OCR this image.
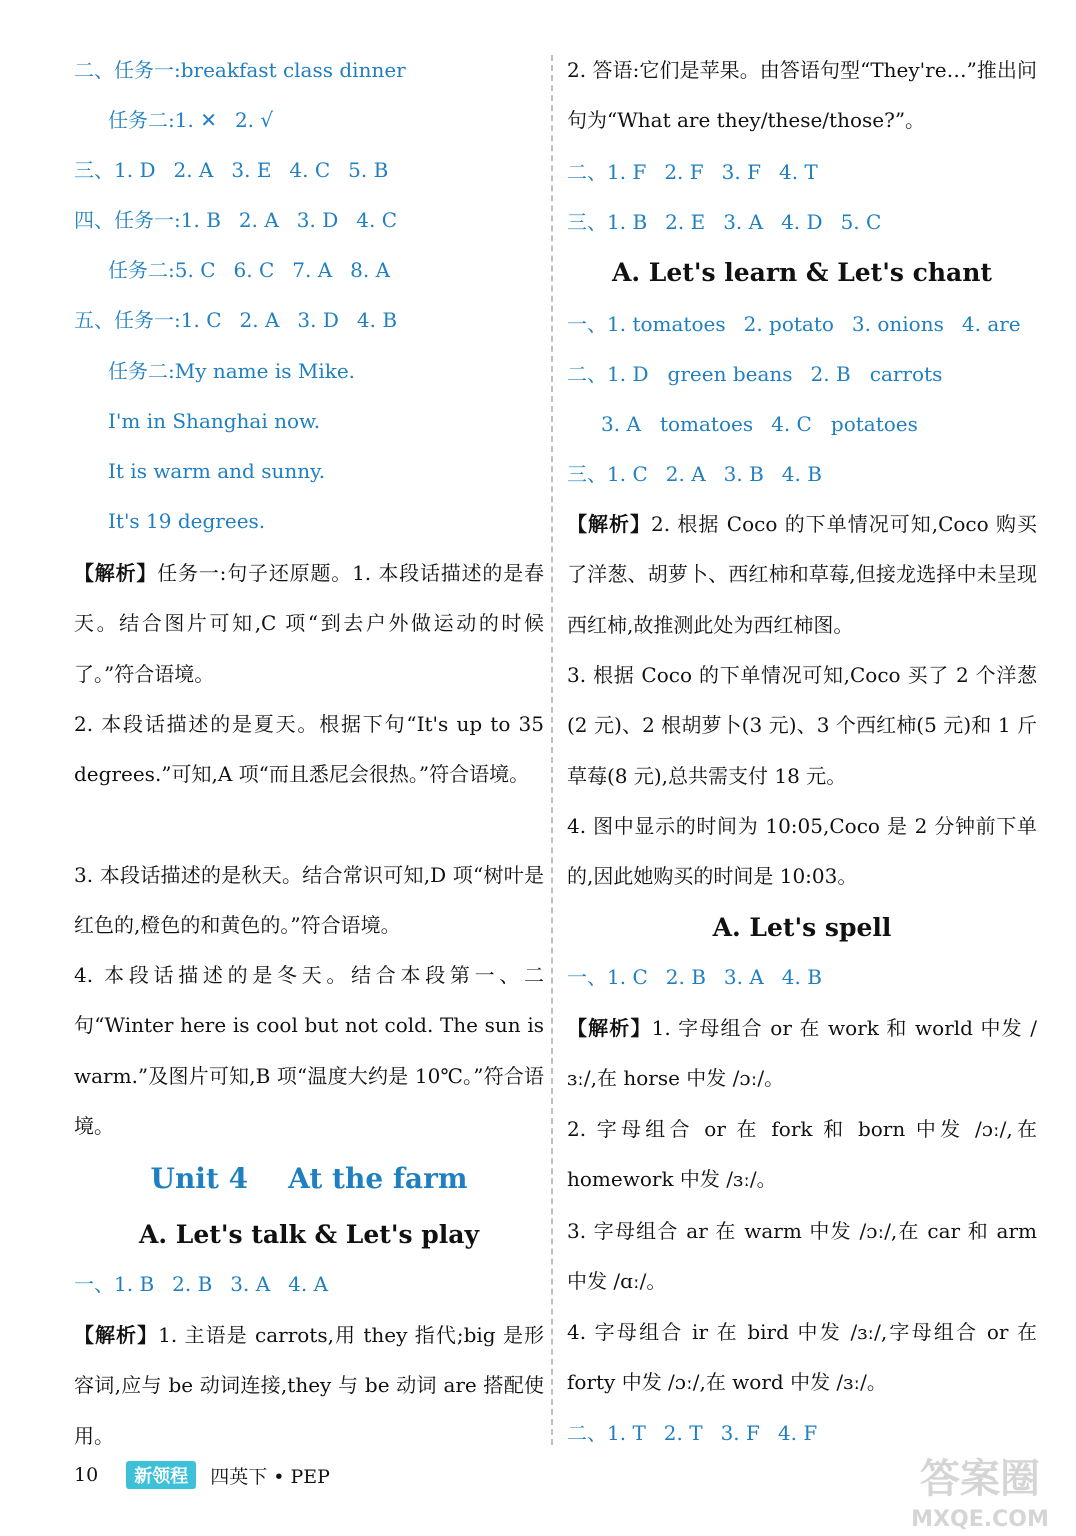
二、任务一:breakfast class dinner
任务二:1. ✕ 2. √
三、1. D 2. A 3. E 4. C 5. B
四、任务一:1. B 2. A 3. D 4. C
任务二:5. C 6. C 7. A 8. A
五、任务一:1. C 2. A 3. D 4. B
任务二:My name is Mike.
I'm in Shanghai now.
It is warm and sunny.
It's 19 degrees.
【解析】任务一:句子还原题。1. 本段话描述的是春天。结合图片可知,C 项“到去户外做运动的时候了。”符合语境。
2. 本段话描述的是夏天。根据下句“It's up to 35 degrees.”可知,A 项“而且悉尼会很热。”符合语境。
3. 本段话描述的是秋天。结合常识可知,D 项“树叶是红色的,橙色的和黄色的。”符合语境。
4. 本段话描述的是冬天。结合本段第一、二句“Winter here is cool but not cold. The sun is warm.”及图片可知,B 项“温度大约是 10℃。”符合语境。
Unit 4 At the farm
A. Let's talk & Let's play
一、1. B 2. B 3. A 4. A
【解析】1. 主语是 carrots,用 they 指代;big 是形容词,应与 be 动词连接,they 与 be 动词 are 搭配使用。
2. 答语:它们是苹果。由答语句型“They're…”推出问句为“What are they/these/those?”。
二、1. F 2. F 3. F 4. T
三、1. B 2. E 3. A 4. D 5. C
A. Let's learn & Let's chant
一、1. tomatoes 2. potato 3. onions 4. are
二、1. D   green beans 2. B   carrots
3. A   tomatoes 4. C   potatoes
三、1. C 2. A 3. B 4. B
【解析】2. 根据 Coco 的下单情况可知,Coco 购买了洋葱、胡萝卜、西红柿和草莓,但接龙选择中未呈现西红柿,故推测此处为西红柿图。
3. 根据 Coco 的下单情况可知,Coco 买了 2 个洋葱(2 元)、2 根胡萝卜(3 元)、3 个西红柿(5 元)和 1 斤草莓(8 元),总共需支付 18 元。
4. 图中显示的时间为 10:05,Coco 是 2 分钟前下单的,因此她购买的时间是 10:03。
A. Let's spell
一、1. C 2. B 3. A 4. B
【解析】1. 字母组合 or 在 work 和 world 中发 /ɜː/,在 horse 中发 /ɔː/。
2. 字母组合 or 在 fork 和 born 中发 /ɔː/,在 homework 中发 /ɜː/。
3. 字母组合 ar 在 warm 中发 /ɔː/,在 car 和 arm 中发 /ɑː/。
4. 字母组合 ir 在 bird 中发 /ɜː/,字母组合 or 在 forty 中发 /ɔː/,在 word 中发 /ɜː/。
二、1. T 2. T 3. F 4. F
10	新领程	四英下 • PEP	答案圈
MXQE.COM
